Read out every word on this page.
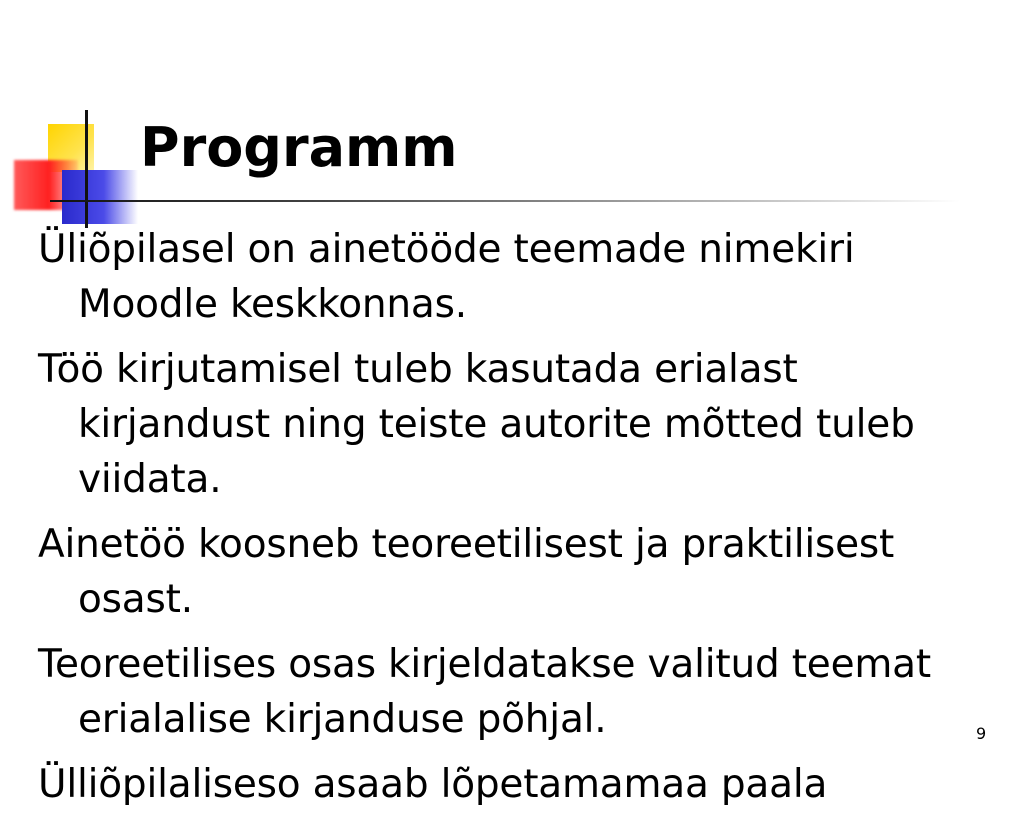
Programm
Üliõpilasel on ainetööde teemade nimekiri Moodle keskkonnas.
Töö kirjutamisel tuleb kasutada erialast kirjandust ning teiste autorite mõtted tuleb viidata.
Ainetöö koosneb teoreetilisest ja praktilisest osast.
Teoreetilises osas kirjeldatakse valitud teemat erialalise kirjanduse põhjal.
Ülliõpilaliseso asaab lõpetamamaa paala
9
